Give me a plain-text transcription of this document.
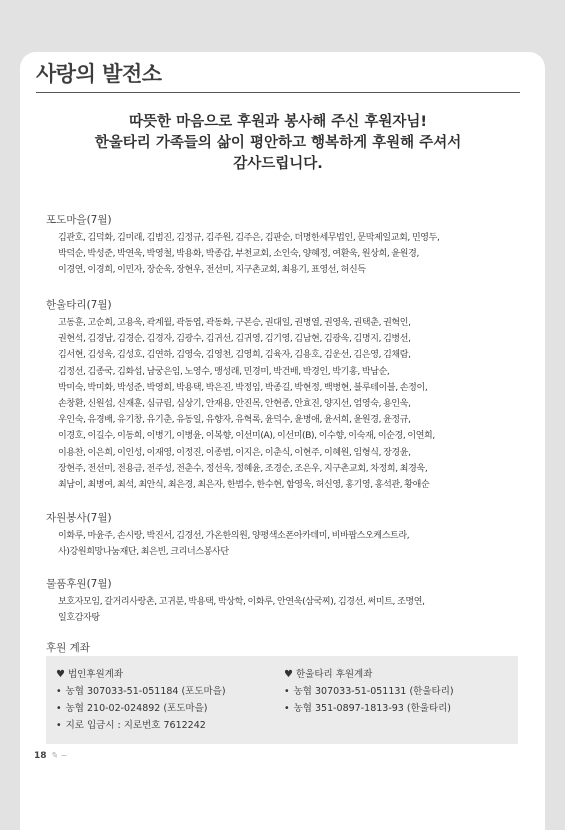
사랑의 발전소
따뜻한 마음으로 후원과 봉사해 주신 후원자님!
한울타리 가족들의 삶이 평안하고 행복하게 후원해 주셔서
감사드립니다.
포도마을(7월)
김관호, 김덕화, 김미래, 김범진, 김정규, 김주원, 김주은, 김판순, 더명한세무법인, 문막제일교회, 민영두,
박덕순, 박성준, 박연욱, 박영철, 박용화, 박종갑, 부천교회, 소인숙, 양혜정, 여환욱, 원상희, 윤원경,
이경연, 이경희, 이민자, 장순욱, 장현우, 전선미, 지구촌교회, 최용기, 표영선, 허신득
한울타리(7월)
고동훈, 고순희, 고용욱, 곽계월, 곽동엽, 곽동화, 구본승, 권대일, 권병열, 권영욱, 권택춘, 권혁인,
권현석, 김경남, 김경순, 김경자, 김광수, 김귀선, 김귀영, 김기영, 김남현, 김광욱, 김명지, 김병선,
김서현, 김성욱, 김성호, 김연하, 김영숙, 김영천, 김영희, 김육자, 김용호, 김운선, 김은영, 김채람,
김정선, 김종국, 김화섭, 남궁은임, 노영수, 맹성래, 민경미, 박건배, 박경인, 박기홍, 박남순,
박미숙, 박미화, 박성준, 박영희, 박용택, 박은진, 박정임, 박종길, 박현정, 백병현, 블루테이블, 손정이,
손창환, 신원섭, 신재훈, 심규림, 심상기, 안재용, 안진목, 안현종, 안효진, 양지선, 엄영숙, 용인욱,
우인숙, 유경배, 유기창, 유기춘, 유동일, 유향자, 유혁록, 윤덕수, 윤병애, 윤서희, 윤원경, 윤정규,
이경호, 이길수, 이동희, 이병기, 이병윤, 이복향, 이선미(A), 이선미(B), 이수향, 이숙재, 이순경, 이연희,
이용찬, 이은희, 이인성, 이재영, 이정진, 이종범, 이지은, 이춘식, 이현주, 이혜원, 임형식, 장경윤,
장현주, 전선미, 전용금, 전주성, 전춘수, 정선욱, 정혜윤, 조경순, 조은우, 지구촌교회, 차정희, 최경욱,
최남이, 최병여, 최석, 최안식, 최은경, 최은자, 한범수, 한수현, 함영욱, 허신영, 홍기영, 홍석관, 황애순
자원봉사(7월)
이화루, 마윤주, 손시랑, 박진서, 김경선, 가온한의원, 양평색소폰아카데미, 비바팝스오케스트라,
사)강원희망나눔재단, 최은빈, 크리너스봉사단
물품후원(7월)
보호자모임, 갈거리사랑촌, 고귀분, 박용택, 박상학, 이화루, 안연욱(삼국찌), 김경선, 써미트, 조명연,
일호감자탕
후원 계좌
♥ 법인후원계좌
• 농협 307033-51-051184 (포도마을)
• 농협 210-02-024892 (포도마을)
• 지로 입금시 : 지로번호 7612242
♥ 한울타리 후원계좌
• 농협 307033-51-051131 (한울타리)
• 농협 351-0897-1813-93 (한울타리)
18 ✎ ~
